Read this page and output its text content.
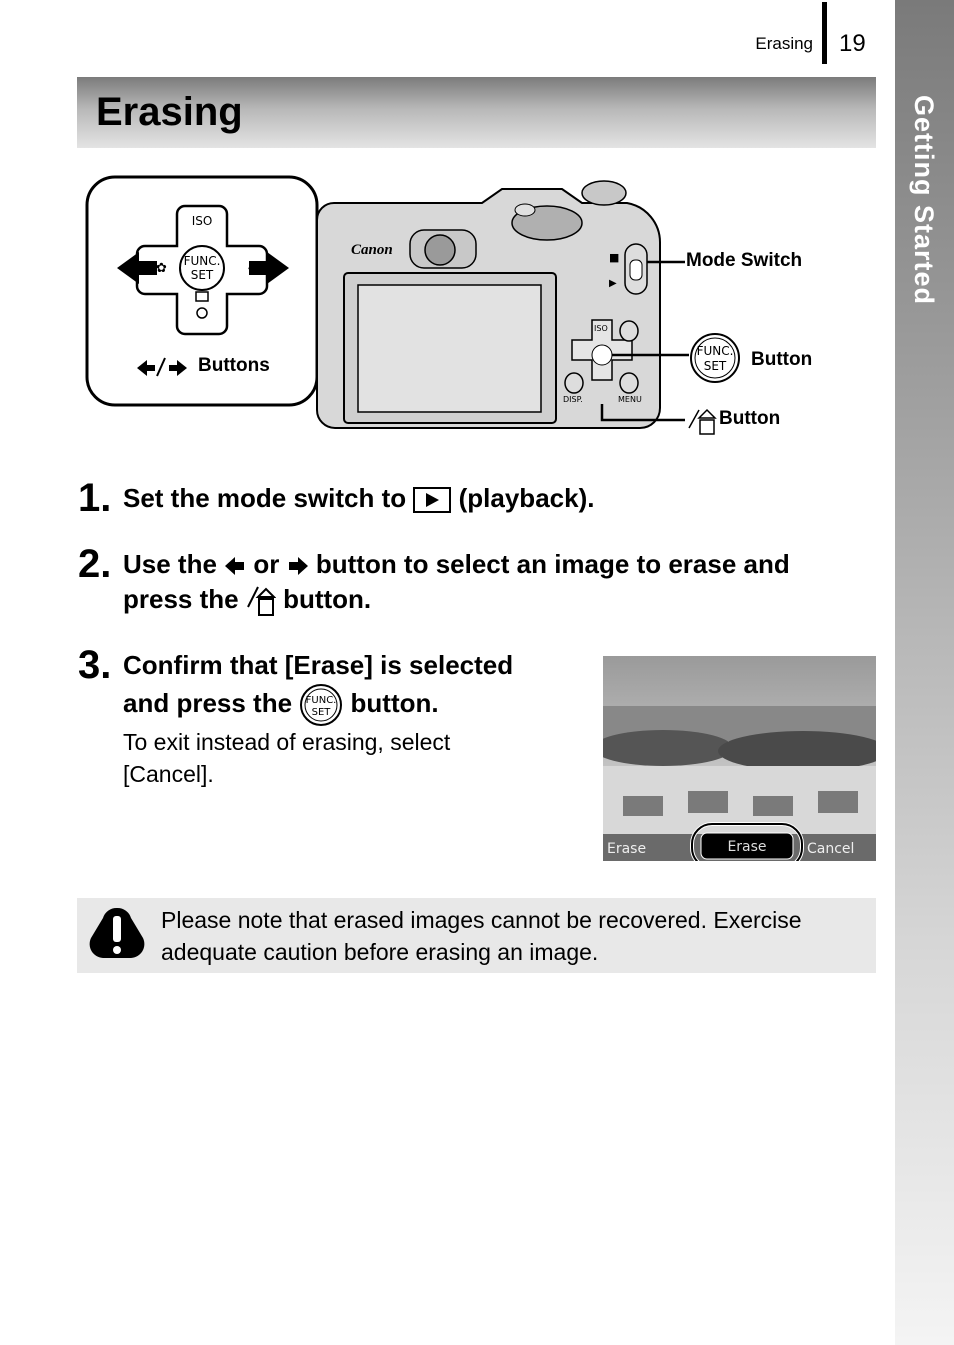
Erasing 19
Getting Started
Erasing
FUNC.
SET
ISO
✿	ϟ
Canon	■
▶
ISO
DISP.	MENU
FUNC.
SET
Buttons
Mode Switch
Button
Button
1. Set the mode switch to (playback).
2. Use the or button to select an image to erase and
press the button.
3. Confirm that [Erase] is selected
and press the FUNC.
SET button.
To exit instead of erasing, select [Cancel].
Erase	Erase	Cancel
Please note that erased images cannot be recovered. Exercise adequate caution before erasing an image.
